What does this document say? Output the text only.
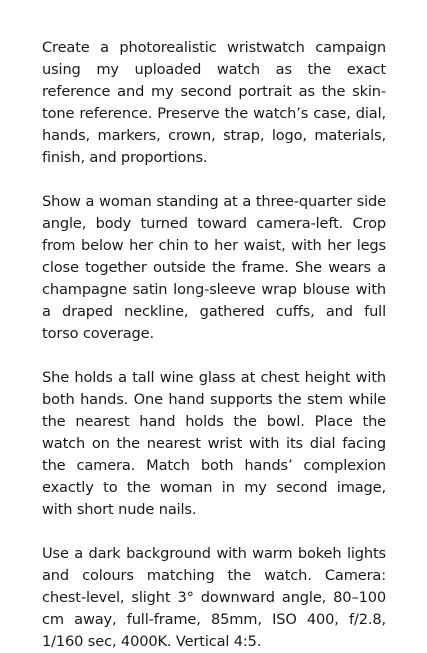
Create a photorealistic wristwatch campaign using my uploaded watch as the exact reference and my second portrait as the skin-tone reference. Preserve the watch’s case, dial, hands, markers, crown, strap, logo, materials, finish, and proportions.

Show a woman standing at a three-quarter side angle, body turned toward camera-left. Crop from below her chin to her waist, with her legs close together outside the frame. She wears a champagne satin long-sleeve wrap blouse with a draped neckline, gathered cuffs, and full torso coverage.

She holds a tall wine glass at chest height with both hands. One hand supports the stem while the nearest hand holds the bowl. Place the watch on the nearest wrist with its dial facing the camera. Match both hands’ complexion exactly to the woman in my second image, with short nude nails.

Use a dark background with warm bokeh lights and colours matching the watch. Camera: chest-level, slight 3° downward angle, 80–100 cm away, full-frame, 85mm, ISO 400, f/2.8, 1/160 sec, 4000K. Vertical 4:5.
